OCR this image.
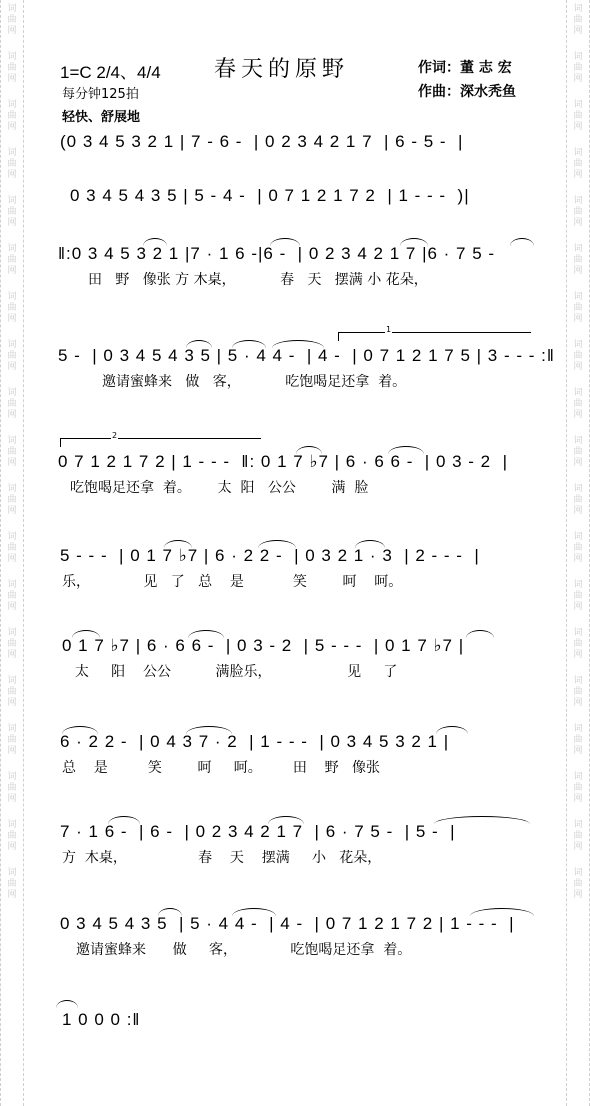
词
曲
网
词
曲
网
词
曲
网
词
曲
网
词
曲
网
词
曲
网
词
曲
网
词
曲
网
词
曲
网
词
曲
网
词
曲
网
词
曲
网
词
曲
网
词
曲
网
词
曲
网
词
曲
网
词
曲
网
词
曲
网
词
曲
网
词
曲
网
词
曲
网
词
曲
网
词
曲
网
词
曲
网
词
曲
网
词
曲
网
词
曲
网
词
曲
网
词
曲
网
词
曲
网
词
曲
网
词
曲
网
词
曲
网
词
曲
网
词
曲
网
词
曲
网
词
曲
网
词
曲
网
1=C 2/4、4/4 春天的原野	作词：董 志 宏
作曲：深水秃鱼
每分钟125拍
轻快、舒展地
(0 3 4 5 3 2 1 | 7 - 6 -  | 0 2 3 4 2 1 7  | 6 - 5 -  |
0 3 4 5 4 3 5 | 5 - 4 -  | 0 7 1 2 1 7 2  | 1 - - -  )|
‖:0 3 4 5 3 2 1 |7 · 1 6 -|6 -  | 0 2 3 4 2 1 7 |6 · 7 5 -
田   野   像张 方 木桌，          春   天   摆满 小 花朵，
1
5 -  | 0 3 4 5 4 3 5 | 5 · 4 4 -  | 4 -  | 0 7 1 2 1 7 5 | 3 - - - :‖
邀请蜜蜂来   做   客，          吃饱喝足还拿  着。
2
0 7 1 2 1 7 2 | 1 - - -  ‖: 0 1 7 ♭7 | 6 · 6 6 -  | 0 3 - 2  |
吃饱喝足还拿  着。      太  阳   公公        满  脸
5 - - -  | 0 1 7 ♭7 | 6 · 2 2 -  | 0 3 2 1 · 3  | 2 - - -  |
乐，            见   了   总    是           笑        呵    呵。
0 1 7 ♭7 | 6 · 6 6 -  | 0 3 - 2  | 5 - - -  | 0 1 7 ♭7 |
太     阳    公公          满脸乐，                 见     了
6 · 2 2 -  | 0 4 3 7 · 2  | 1 - - -  | 0 3 4 5 3 2 1 |
总    是         笑        呵     呵。       田    野   像张
7 · 1 6 -  | 6 -  | 0 2 3 4 2 1 7  | 6 · 7 5 -  | 5 -  |
方  木桌，                春    天    摆满     小   花朵，
0 3 4 5 4 3 5  | 5 · 4 4 -  | 4 -  | 0 7 1 2 1 7 2 | 1 - - -  |
邀请蜜蜂来      做     客，            吃饱喝足还拿  着。
1 0 0 0 :‖
